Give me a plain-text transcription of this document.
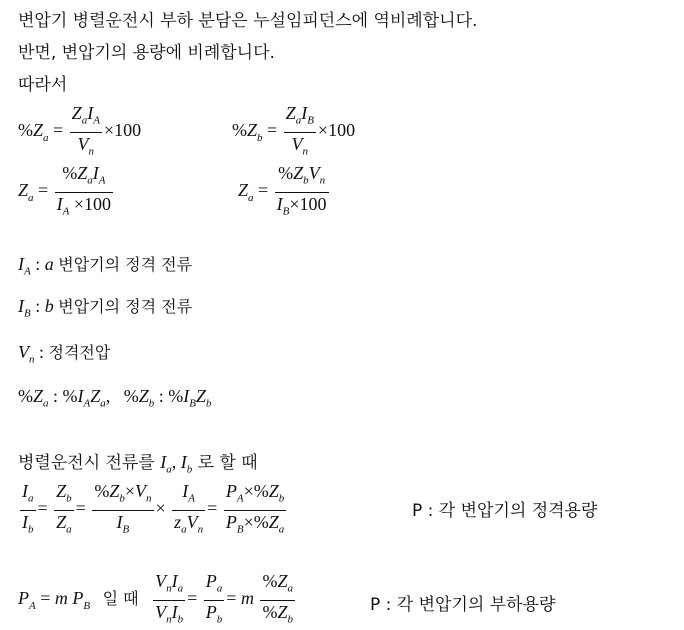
변압기 병렬운전시 부하 분담은 누설임피던스에 역비례합니다.
반면, 변압기의 용량에 비례합니다.
따라서
$\%Z_a = \frac{Z_aI_A}{V_n} \times 100$	$\%Z_b = \frac{Z_aI_B}{V_n} \times 100$
$Z_a = \frac{\%Z_aI_A}{I_A \times 100}$	$Z_a = \frac{\%Z_bV_n}{I_B\times 100}$
$I_A$ : a 변압기의 정격 전류
$I_B$ : b 변압기의 정격 전류
$V_n$ : 정격전압
$\%Z_a$ : $\%I_AZ_a$,   $\%Z_b$ : $\%I_BZ_b$
병렬운전시 전류를 $I_a$, $I_b$ 로 할 때
$\frac{I_a}{I_b} = \frac{Z_b}{Z_a} = \frac{\%Z_b\times V_n}{I_B} \times \frac{I_A}{z_aV_n} = \frac{P_A\times\%Z_b}{P_B\times\%Z_a}$	P : 각 변압기의 정격용량
$P_A = m$ $P_B$ 일 때 $\frac{V_nI_a}{V_nI_b} = \frac{P_a}{P_b} = m \frac{\%Z_a}{\%Z_b}$	P : 각 변압기의 부하용량
